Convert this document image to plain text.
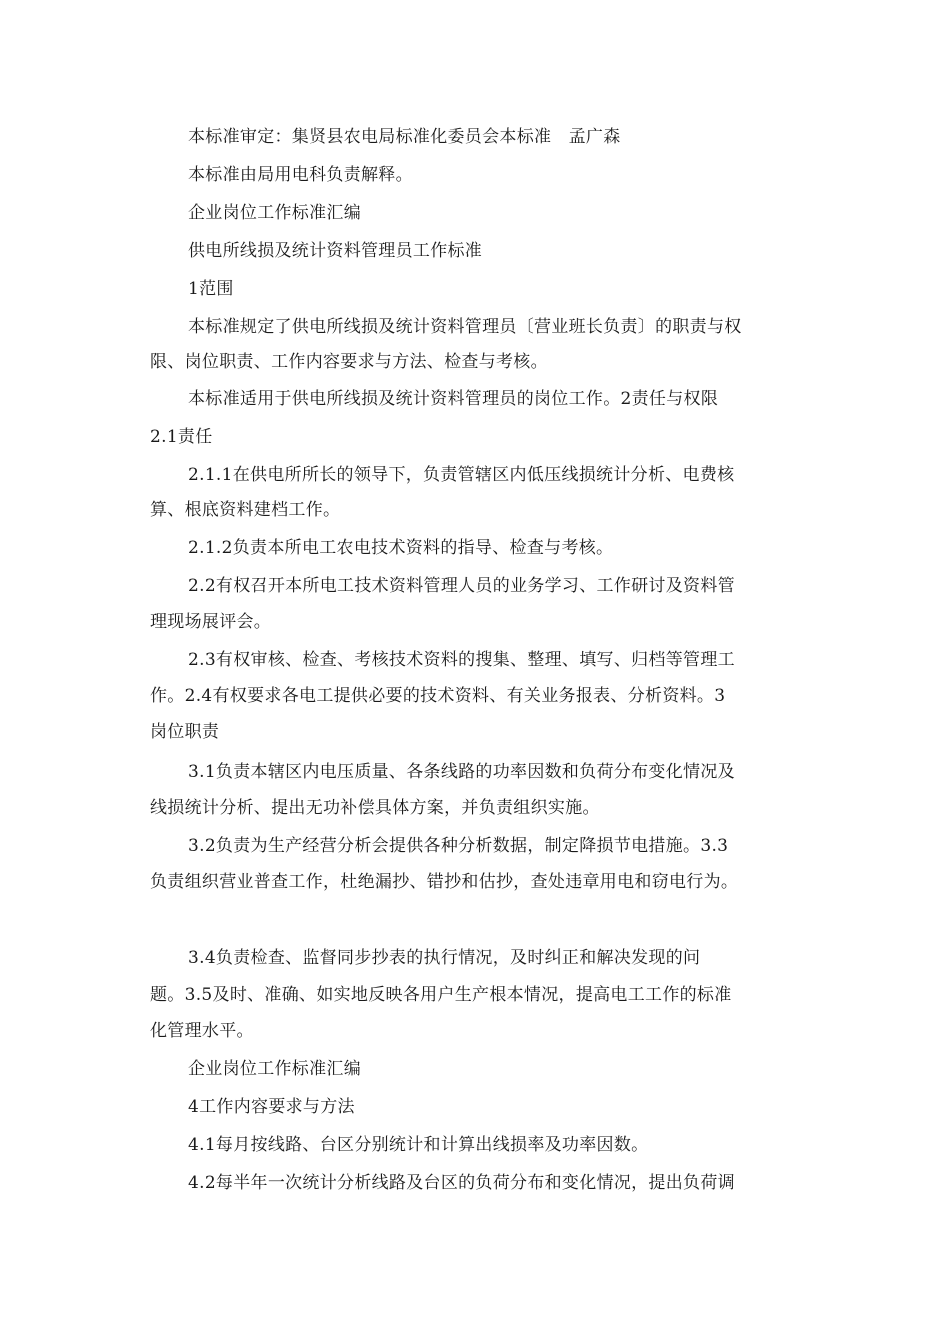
本标准审定：集贤县农电局标准化委员会本标准　孟广森
本标准由局用电科负责解释。
企业岗位工作标准汇编
供电所线损及统计资料管理员工作标准
1范围
本标准规定了供电所线损及统计资料管理员〔营业班长负责〕的职责与权
限、岗位职责、工作内容要求与方法、检查与考核。
本标准适用于供电所线损及统计资料管理员的岗位工作。2责任与权限
2.1责任
2.1.1在供电所所长的领导下，负责管辖区内低压线损统计分析、电费核
算、根底资料建档工作。
2.1.2负责本所电工农电技术资料的指导、检查与考核。
2.2有权召开本所电工技术资料管理人员的业务学习、工作研讨及资料管
理现场展评会。
2.3有权审核、检查、考核技术资料的搜集、整理、填写、归档等管理工
作。2.4有权要求各电工提供必要的技术资料、有关业务报表、分析资料。3
岗位职责
3.1负责本辖区内电压质量、各条线路的功率因数和负荷分布变化情况及
线损统计分析、提出无功补偿具体方案，并负责组织实施。
3.2负责为生产经营分析会提供各种分析数据，制定降损节电措施。3.3
负责组织营业普查工作，杜绝漏抄、错抄和估抄，查处违章用电和窃电行为。
3.4负责检查、监督同步抄表的执行情况，及时纠正和解决发现的问
题。3.5及时、准确、如实地反映各用户生产根本情况，提高电工工作的标准
化管理水平。
企业岗位工作标准汇编
4工作内容要求与方法
4.1每月按线路、台区分别统计和计算出线损率及功率因数。
4.2每半年一次统计分析线路及台区的负荷分布和变化情况，提出负荷调
